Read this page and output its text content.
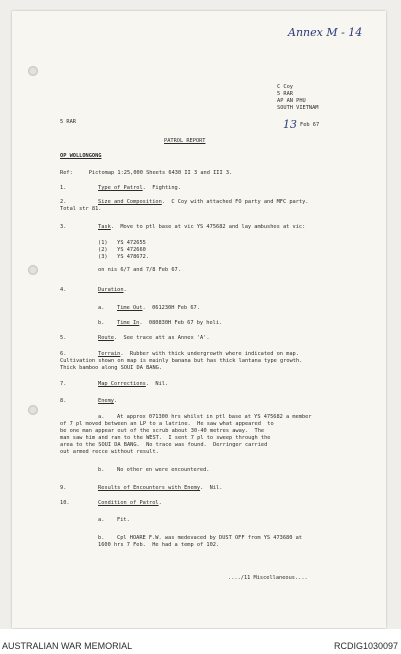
Annex M - 14
C Coy
5 RAR
AP AN PHU
SOUTH VIETNAM
13 Feb 67
5 RAR
PATROL REPORT
OP WOLLONGONG
Ref:     Pictomap 1:25,000 Sheets 6430 II 3 and III 3.
1.	Type of Patrol.  Fighting.
2.	Size and Composition.  C Coy with attached FO party and MFC party.
Total str 81.
3.	Task.  Move to ptl base at vic YS 475682 and lay ambushes at vic:
(1)   YS 472655
(2)   YS 472660
(3)   YS 478672.
on nis 6/7 and 7/8 Feb 67.
4.	Duration.
a. Time Out.  061230H Feb 67.
b. Time In.  080830H Feb 67 by heli.
5.	Route.  See trace att as Annex 'A'.
6.	Terrain.  Rubber with thick undergrowth where indicated on map.
Cultivation shown on map is mainly banana but has thick lantana type growth.
Thick bamboo along SOUI DA BANG.
7.	Map Corrections.  Nil.
8.	Enemy.
a. At approx 071300 hrs whilst in ptl base at YS 475682 a member
of 7 pl moved between an LP to a latrine.  He saw what appeared  to
be one man appear out of the scrub about 30-40 metres away.  The
man saw him and ran to the WEST.  I sent 7 pl to sweep through the
area to the SOUI DA BANG.  No trace was found.  Derringer carried
out armed recce without result.
b. No other en were encountered.
9.	Results of Encounters with Enemy.  Nil.
10.	Condition of Patrol.
a. Fit.
b. Cpl HOARE F.W. was medevaced by DUST OFF from YS 473680 at
1600 hrs 7 Feb.  He had a temp of 102.
..../11 Miscellaneous....
AUSTRALIAN WAR MEMORIAL	RCDIG1030097
